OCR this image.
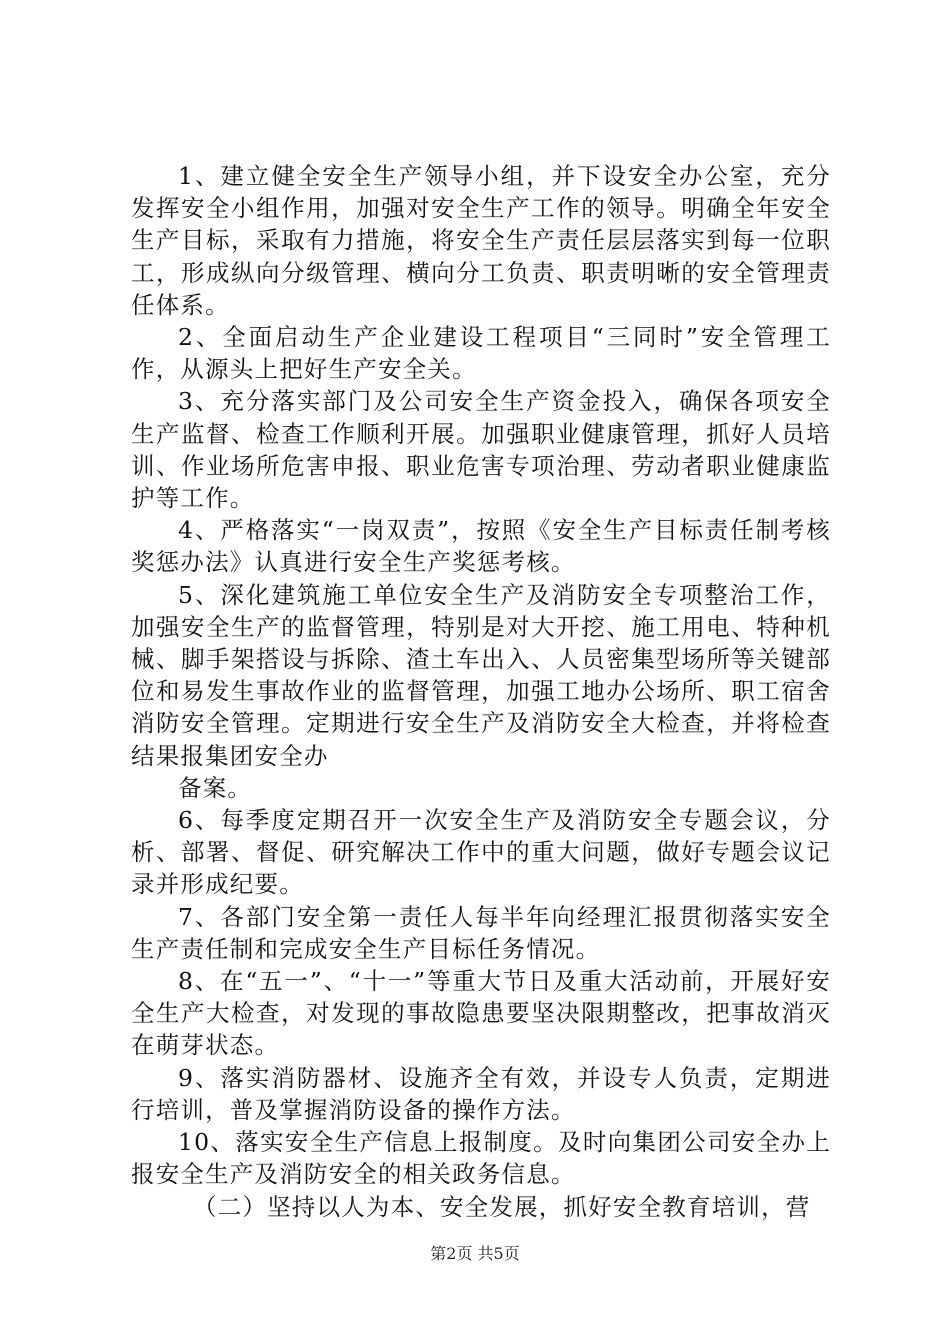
1、建立健全安全生产领导小组，并下设安全办公室，充分发挥安全小组作用，加强对安全生产工作的领导。明确全年安全生产目标，采取有力措施，将安全生产责任层层落实到每一位职工，形成纵向分级管理、横向分工负责、职责明晰的安全管理责任体系。

2、全面启动生产企业建设工程项目“三同时”安全管理工作，从源头上把好生产安全关。

3、充分落实部门及公司安全生产资金投入，确保各项安全生产监督、检查工作顺利开展。加强职业健康管理，抓好人员培训、作业场所危害申报、职业危害专项治理、劳动者职业健康监护等工作。

4、严格落实“一岗双责”，按照《安全生产目标责任制考核奖惩办法》认真进行安全生产奖惩考核。

5、深化建筑施工单位安全生产及消防安全专项整治工作，加强安全生产的监督管理，特别是对大开挖、施工用电、特种机械、脚手架搭设与拆除、渣土车出入、人员密集型场所等关键部位和易发生事故作业的监督管理，加强工地办公场所、职工宿舍消防安全管理。定期进行安全生产及消防安全大检查，并将检查结果报集团安全办

备案。

6、每季度定期召开一次安全生产及消防安全专题会议，分析、部署、督促、研究解决工作中的重大问题，做好专题会议记录并形成纪要。

7、各部门安全第一责任人每半年向经理汇报贯彻落实安全生产责任制和完成安全生产目标任务情况。

8、在“五一”、“十一”等重大节日及重大活动前，开展好安全生产大检查，对发现的事故隐患要坚决限期整改，把事故消灭在萌芽状态。

9、落实消防器材、设施齐全有效，并设专人负责，定期进行培训，普及掌握消防设备的操作方法。

10、落实安全生产信息上报制度。及时向集团公司安全办上报安全生产及消防安全的相关政务信息。

（二）坚持以人为本、安全发展，抓好安全教育培训，营

第2页 共5页
